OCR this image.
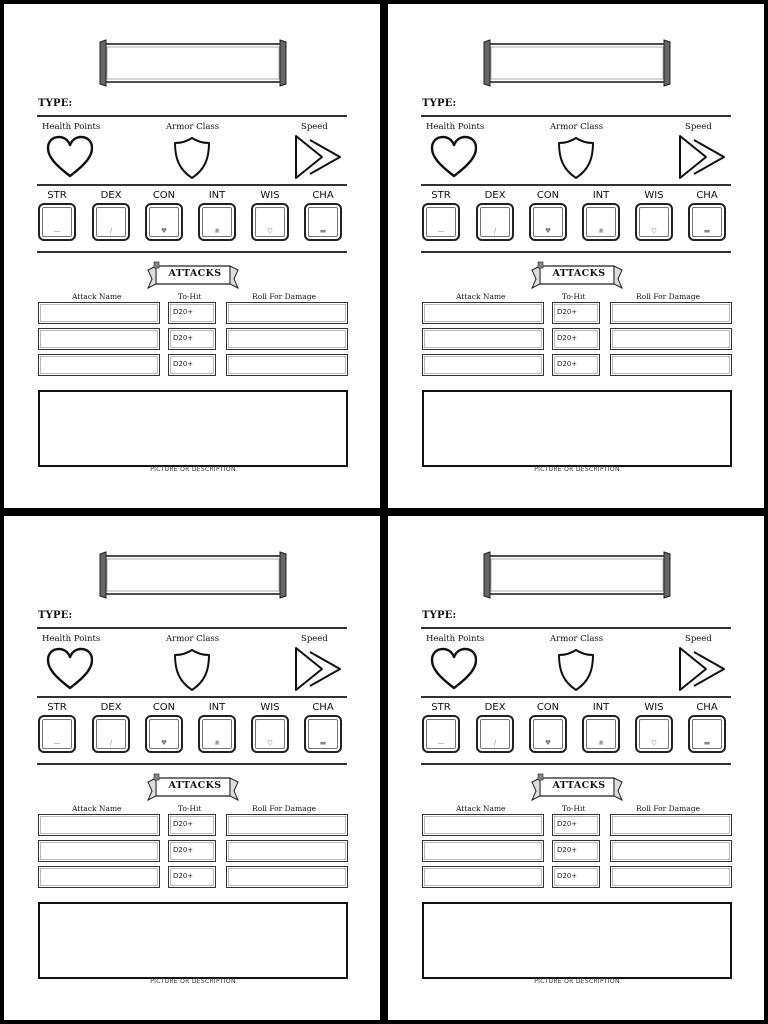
TYPE:
Health Points	Armor Class	Speed
STR
—
DEX
∕
CON
♥
INT
❀
WIS
▽
CHA
▬
ATTACKS
Attack Name	To-Hit	Roll For Damage
D20+
D20+
D20+
PICTURE OR DESCRIPTION
TYPE:
Health Points	Armor Class	Speed
STR
—
DEX
∕
CON
♥
INT
❀
WIS
▽
CHA
▬
ATTACKS
Attack Name	To-Hit	Roll For Damage
D20+
D20+
D20+
PICTURE OR DESCRIPTION
TYPE:
Health Points	Armor Class	Speed
STR
—
DEX
∕
CON
♥
INT
❀
WIS
▽
CHA
▬
ATTACKS
Attack Name	To-Hit	Roll For Damage
D20+
D20+
D20+
PICTURE OR DESCRIPTION
TYPE:
Health Points	Armor Class	Speed
STR
—
DEX
∕
CON
♥
INT
❀
WIS
▽
CHA
▬
ATTACKS
Attack Name	To-Hit	Roll For Damage
D20+
D20+
D20+
PICTURE OR DESCRIPTION
